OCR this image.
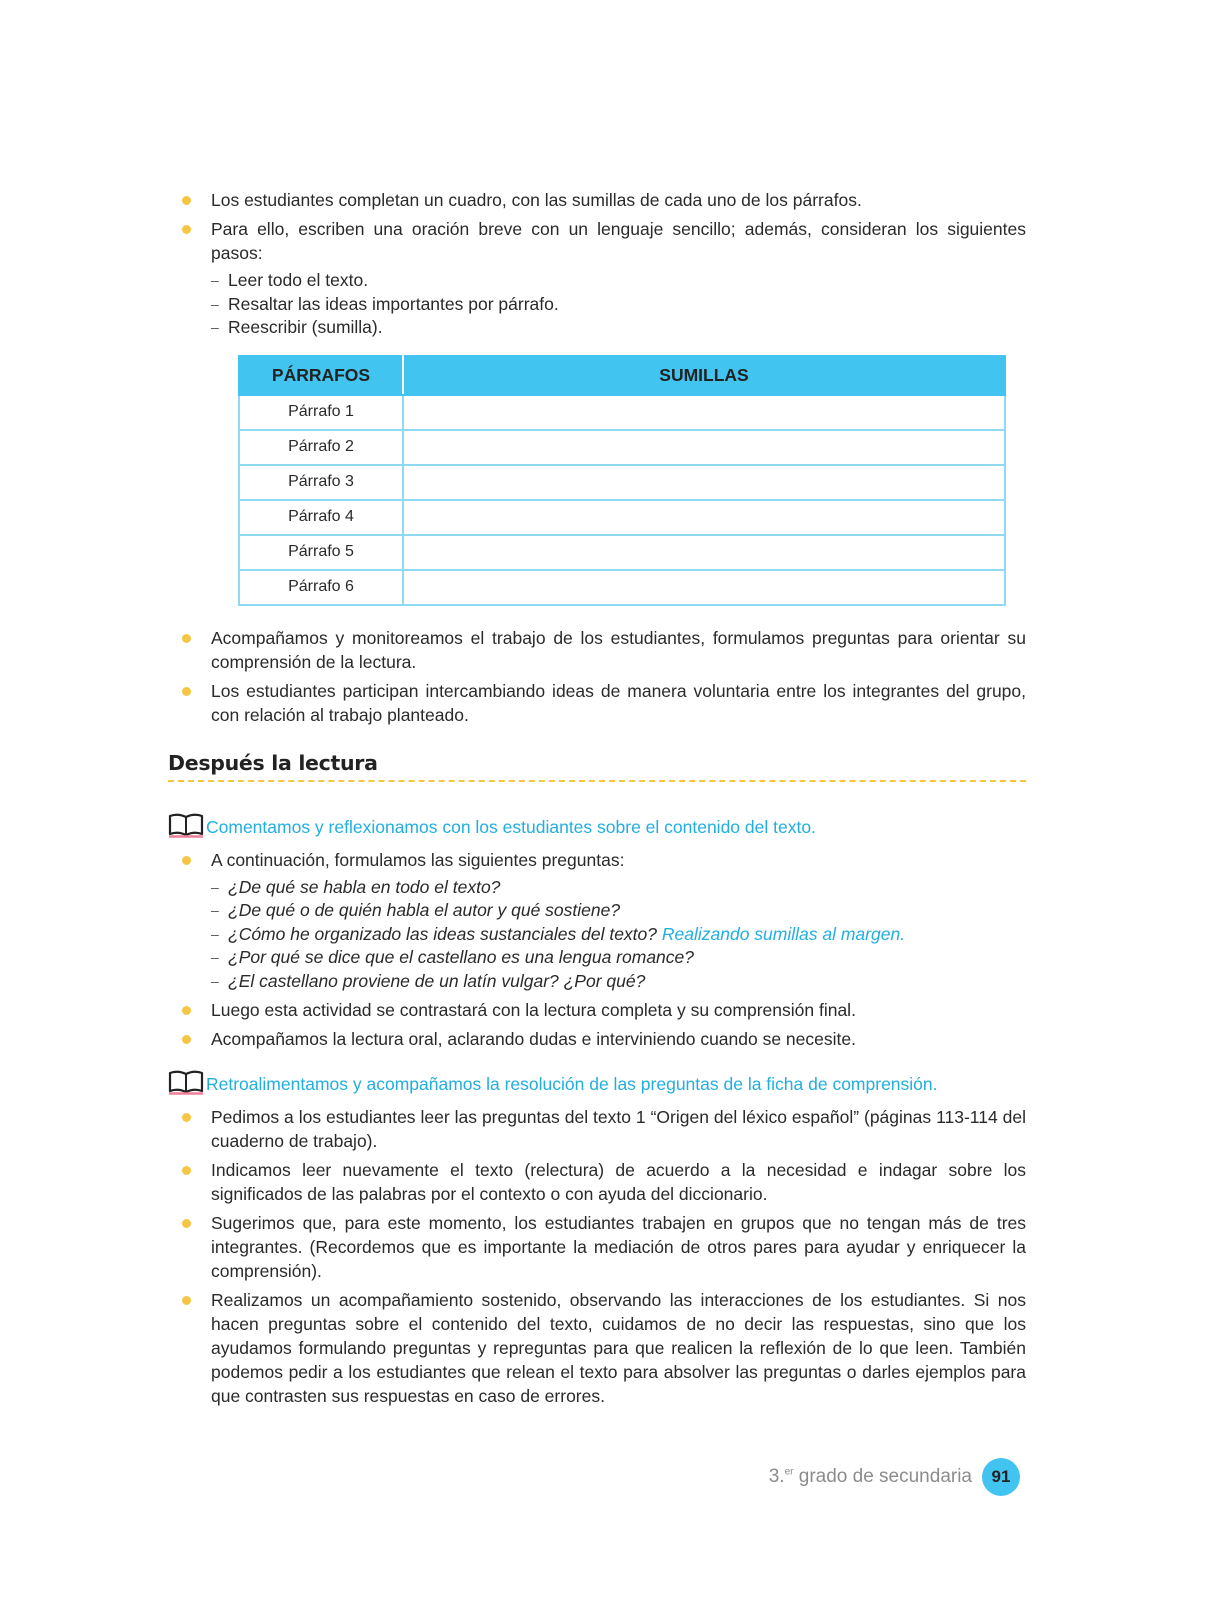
Los estudiantes completan un cuadro, con las sumillas de cada uno de los párrafos.
Para ello, escriben una oración breve con un lenguaje sencillo; además, consideran los siguientes pasos:
– Leer todo el texto.
– Resaltar las ideas importantes por párrafo.
– Reescribir (sumilla).
PÁRRAFOS	SUMILLAS
Párrafo 1	
Párrafo 2	
Párrafo 3	
Párrafo 4	
Párrafo 5	
Párrafo 6	
Acompañamos y monitoreamos el trabajo de los estudiantes, formulamos preguntas para orientar su comprensión de la lectura.
Los estudiantes participan intercambiando ideas de manera voluntaria entre los integrantes del grupo, con relación al trabajo planteado.
Después la lectura
Comentamos y reflexionamos con los estudiantes sobre el contenido del texto.
A continuación, formulamos las siguientes preguntas:
– ¿De qué se habla en todo el texto?
– ¿De qué o de quién habla el autor y qué sostiene?
– ¿Cómo he organizado las ideas sustanciales del texto? Realizando sumillas al margen.
– ¿Por qué se dice que el castellano es una lengua romance?
– ¿El castellano proviene de un latín vulgar? ¿Por qué?
Luego esta actividad se contrastará con la lectura completa y su comprensión final.
Acompañamos la lectura oral, aclarando dudas e interviniendo cuando se necesite.
Retroalimentamos y acompañamos la resolución de las preguntas de la ficha de comprensión.
Pedimos a los estudiantes leer las preguntas del texto 1 “Origen del léxico español” (páginas 113-114 del cuaderno de trabajo).
Indicamos leer nuevamente el texto (relectura) de acuerdo a la necesidad e indagar sobre los significados de las palabras por el contexto o con ayuda del diccionario.
Sugerimos que, para este momento, los estudiantes trabajen en grupos que no tengan más de tres integrantes. (Recordemos que es importante la mediación de otros pares para ayudar y enriquecer la comprensión).
Realizamos un acompañamiento sostenido, observando las interacciones de los estudiantes. Si nos hacen preguntas sobre el contenido del texto, cuidamos de no decir las respuestas, sino que los ayudamos formulando preguntas y repreguntas para que realicen la reflexión de lo que leen. También podemos pedir a los estudiantes que relean el texto para absolver las preguntas o darles ejemplos para que contrasten sus respuestas en caso de errores.
3.$^{er}$ grado de secundaria	91
